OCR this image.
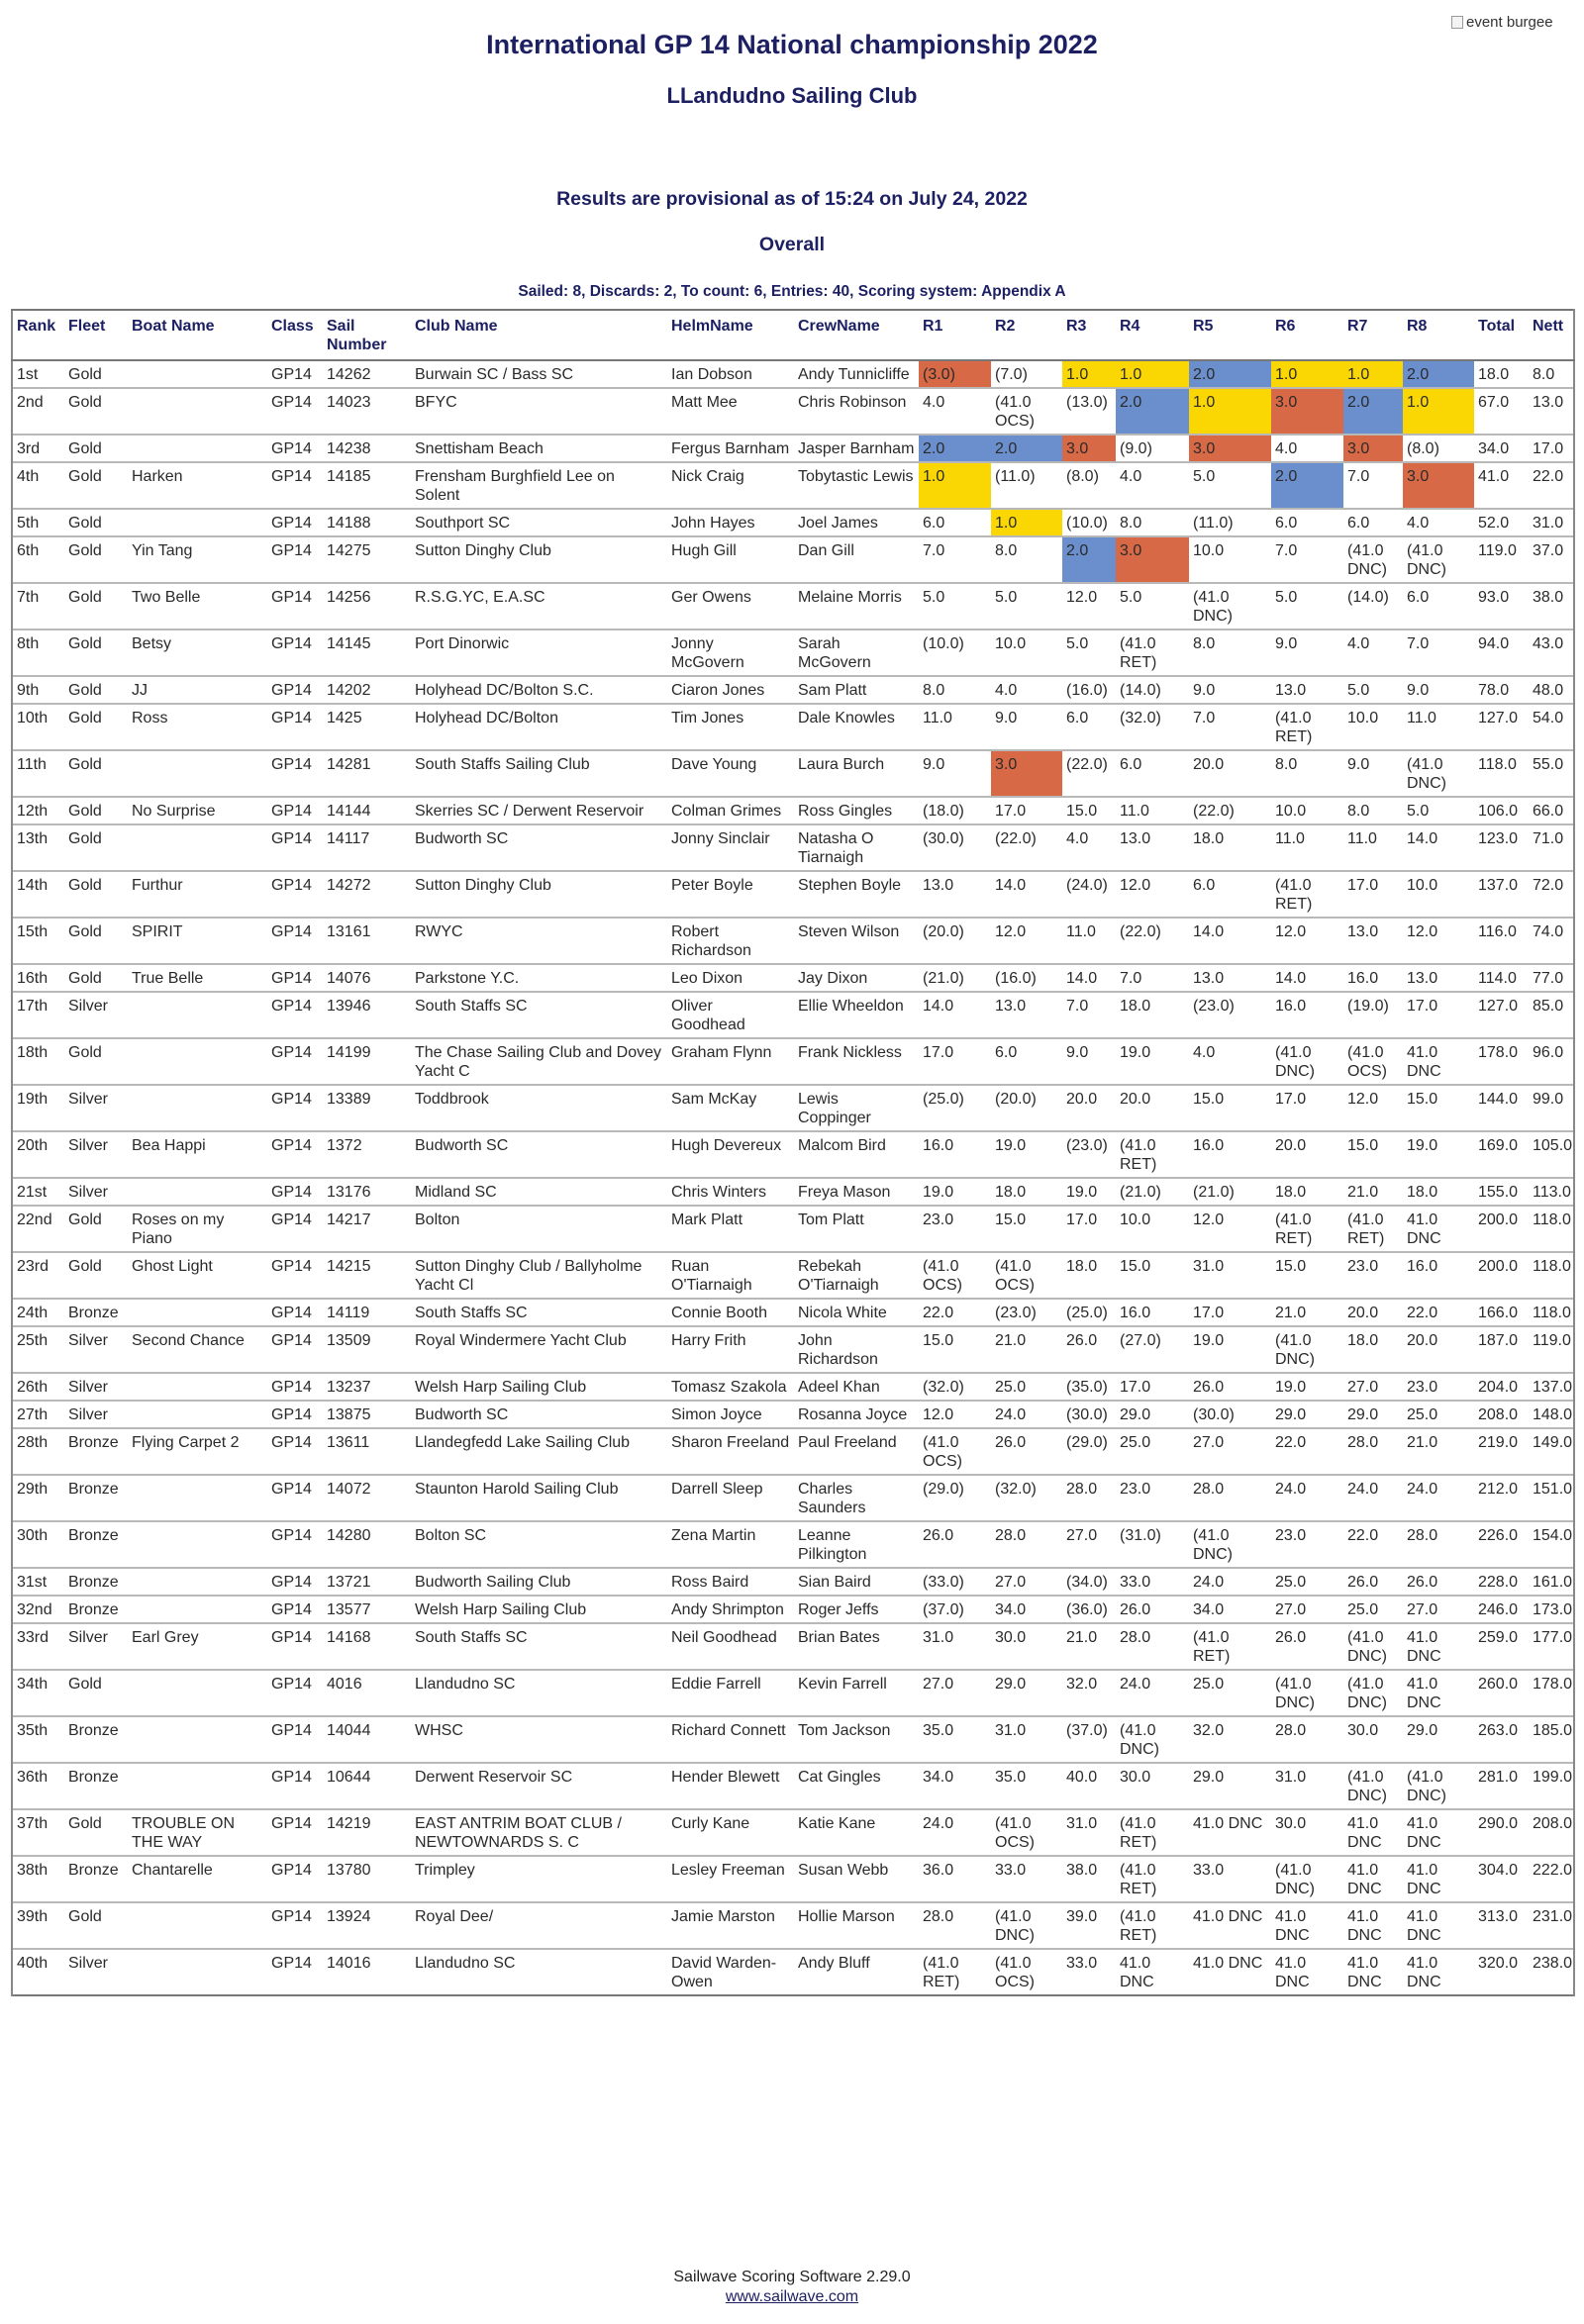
event burgee
International GP 14 National championship 2022
LLandudno Sailing Club
Results are provisional as of 15:24 on July 24, 2022
Overall
Sailed: 8, Discards: 2, To count: 6, Entries: 40, Scoring system: Appendix A
Rank	Fleet	Boat Name	Class	Sail Number	Club Name	HelmName	CrewName	R1	R2	R3	R4	R5	R6	R7	R8	Total	Nett
1st	Gold		GP14	14262	Burwain SC / Bass SC	Ian Dobson	Andy Tunnicliffe	(3.0)	(7.0)	1.0	1.0	2.0	1.0	1.0	2.0	18.0	8.0
2nd	Gold		GP14	14023	BFYC	Matt Mee	Chris Robinson	4.0	(41.0 OCS)	(13.0)	2.0	1.0	3.0	2.0	1.0	67.0	13.0
3rd	Gold		GP14	14238	Snettisham Beach	Fergus Barnham	Jasper Barnham	2.0	2.0	3.0	(9.0)	3.0	4.0	3.0	(8.0)	34.0	17.0
4th	Gold	Harken	GP14	14185	Frensham Burghfield Lee on Solent	Nick Craig	Tobytastic Lewis	1.0	(11.0)	(8.0)	4.0	5.0	2.0	7.0	3.0	41.0	22.0
5th	Gold		GP14	14188	Southport SC	John Hayes	Joel James	6.0	1.0	(10.0)	8.0	(11.0)	6.0	6.0	4.0	52.0	31.0
6th	Gold	Yin Tang	GP14	14275	Sutton Dinghy Club	Hugh Gill	Dan Gill	7.0	8.0	2.0	3.0	10.0	7.0	(41.0 DNC)	(41.0 DNC)	119.0	37.0
7th	Gold	Two Belle	GP14	14256	R.S.G.YC, E.A.SC	Ger Owens	Melaine Morris	5.0	5.0	12.0	5.0	(41.0 DNC)	5.0	(14.0)	6.0	93.0	38.0
8th	Gold	Betsy	GP14	14145	Port Dinorwic	Jonny McGovern	Sarah McGovern	(10.0)	10.0	5.0	(41.0 RET)	8.0	9.0	4.0	7.0	94.0	43.0
9th	Gold	JJ	GP14	14202	Holyhead DC/Bolton S.C.	Ciaron Jones	Sam Platt	8.0	4.0	(16.0)	(14.0)	9.0	13.0	5.0	9.0	78.0	48.0
10th	Gold	Ross	GP14	1425	Holyhead DC/Bolton	Tim Jones	Dale Knowles	11.0	9.0	6.0	(32.0)	7.0	(41.0 RET)	10.0	11.0	127.0	54.0
11th	Gold		GP14	14281	South Staffs Sailing Club	Dave Young	Laura Burch	9.0	3.0	(22.0)	6.0	20.0	8.0	9.0	(41.0 DNC)	118.0	55.0
12th	Gold	No Surprise	GP14	14144	Skerries SC / Derwent Reservoir	Colman Grimes	Ross Gingles	(18.0)	17.0	15.0	11.0	(22.0)	10.0	8.0	5.0	106.0	66.0
13th	Gold		GP14	14117	Budworth SC	Jonny Sinclair	Natasha O Tiarnaigh	(30.0)	(22.0)	4.0	13.0	18.0	11.0	11.0	14.0	123.0	71.0
14th	Gold	Furthur	GP14	14272	Sutton Dinghy Club	Peter Boyle	Stephen Boyle	13.0	14.0	(24.0)	12.0	6.0	(41.0 RET)	17.0	10.0	137.0	72.0
15th	Gold	SPIRIT	GP14	13161	RWYC	Robert Richardson	Steven Wilson	(20.0)	12.0	11.0	(22.0)	14.0	12.0	13.0	12.0	116.0	74.0
16th	Gold	True Belle	GP14	14076	Parkstone Y.C.	Leo Dixon	Jay Dixon	(21.0)	(16.0)	14.0	7.0	13.0	14.0	16.0	13.0	114.0	77.0
17th	Silver		GP14	13946	South Staffs SC	Oliver Goodhead	Ellie Wheeldon	14.0	13.0	7.0	18.0	(23.0)	16.0	(19.0)	17.0	127.0	85.0
18th	Gold		GP14	14199	The Chase Sailing Club and Dovey Yacht C	Graham Flynn	Frank Nickless	17.0	6.0	9.0	19.0	4.0	(41.0 DNC)	(41.0 OCS)	41.0 DNC	178.0	96.0
19th	Silver		GP14	13389	Toddbrook	Sam McKay	Lewis Coppinger	(25.0)	(20.0)	20.0	20.0	15.0	17.0	12.0	15.0	144.0	99.0
20th	Silver	Bea Happi	GP14	1372	Budworth SC	Hugh Devereux	Malcom Bird	16.0	19.0	(23.0)	(41.0 RET)	16.0	20.0	15.0	19.0	169.0	105.0
21st	Silver		GP14	13176	Midland SC	Chris Winters	Freya Mason	19.0	18.0	19.0	(21.0)	(21.0)	18.0	21.0	18.0	155.0	113.0
22nd	Gold	Roses on my Piano	GP14	14217	Bolton	Mark Platt	Tom Platt	23.0	15.0	17.0	10.0	12.0	(41.0 RET)	(41.0 RET)	41.0 DNC	200.0	118.0
23rd	Gold	Ghost Light	GP14	14215	Sutton Dinghy Club / Ballyholme Yacht Cl	Ruan O'Tiarnaigh	Rebekah O'Tiarnaigh	(41.0 OCS)	(41.0 OCS)	18.0	15.0	31.0	15.0	23.0	16.0	200.0	118.0
24th	Bronze		GP14	14119	South Staffs SC	Connie Booth	Nicola White	22.0	(23.0)	(25.0)	16.0	17.0	21.0	20.0	22.0	166.0	118.0
25th	Silver	Second Chance	GP14	13509	Royal Windermere Yacht Club	Harry Frith	John Richardson	15.0	21.0	26.0	(27.0)	19.0	(41.0 DNC)	18.0	20.0	187.0	119.0
26th	Silver		GP14	13237	Welsh Harp Sailing Club	Tomasz Szakola	Adeel Khan	(32.0)	25.0	(35.0)	17.0	26.0	19.0	27.0	23.0	204.0	137.0
27th	Silver		GP14	13875	Budworth SC	Simon Joyce	Rosanna Joyce	12.0	24.0	(30.0)	29.0	(30.0)	29.0	29.0	25.0	208.0	148.0
28th	Bronze	Flying Carpet 2	GP14	13611	Llandegfedd Lake Sailing Club	Sharon Freeland	Paul Freeland	(41.0 OCS)	26.0	(29.0)	25.0	27.0	22.0	28.0	21.0	219.0	149.0
29th	Bronze		GP14	14072	Staunton Harold Sailing Club	Darrell Sleep	Charles Saunders	(29.0)	(32.0)	28.0	23.0	28.0	24.0	24.0	24.0	212.0	151.0
30th	Bronze		GP14	14280	Bolton SC	Zena Martin	Leanne Pilkington	26.0	28.0	27.0	(31.0)	(41.0 DNC)	23.0	22.0	28.0	226.0	154.0
31st	Bronze		GP14	13721	Budworth Sailing Club	Ross Baird	Sian Baird	(33.0)	27.0	(34.0)	33.0	24.0	25.0	26.0	26.0	228.0	161.0
32nd	Bronze		GP14	13577	Welsh Harp Sailing Club	Andy Shrimpton	Roger Jeffs	(37.0)	34.0	(36.0)	26.0	34.0	27.0	25.0	27.0	246.0	173.0
33rd	Silver	Earl Grey	GP14	14168	South Staffs SC	Neil Goodhead	Brian Bates	31.0	30.0	21.0	28.0	(41.0 RET)	26.0	(41.0 DNC)	41.0 DNC	259.0	177.0
34th	Gold		GP14	4016	Llandudno SC	Eddie Farrell	Kevin Farrell	27.0	29.0	32.0	24.0	25.0	(41.0 DNC)	(41.0 DNC)	41.0 DNC	260.0	178.0
35th	Bronze		GP14	14044	WHSC	Richard Connett	Tom Jackson	35.0	31.0	(37.0)	(41.0 DNC)	32.0	28.0	30.0	29.0	263.0	185.0
36th	Bronze		GP14	10644	Derwent Reservoir SC	Hender Blewett	Cat Gingles	34.0	35.0	40.0	30.0	29.0	31.0	(41.0 DNC)	(41.0 DNC)	281.0	199.0
37th	Gold	TROUBLE ON THE WAY	GP14	14219	EAST ANTRIM BOAT CLUB / NEWTOWNARDS S. C	Curly Kane	Katie Kane	24.0	(41.0 OCS)	31.0	(41.0 RET)	41.0 DNC	30.0	41.0 DNC	41.0 DNC	290.0	208.0
38th	Bronze	Chantarelle	GP14	13780	Trimpley	Lesley Freeman	Susan Webb	36.0	33.0	38.0	(41.0 RET)	33.0	(41.0 DNC)	41.0 DNC	41.0 DNC	304.0	222.0
39th	Gold		GP14	13924	Royal Dee/	Jamie Marston	Hollie Marson	28.0	(41.0 DNC)	39.0	(41.0 RET)	41.0 DNC	41.0 DNC	41.0 DNC	41.0 DNC	313.0	231.0
40th	Silver		GP14	14016	Llandudno SC	David Warden-Owen	Andy Bluff	(41.0 RET)	(41.0 OCS)	33.0	41.0 DNC	41.0 DNC	41.0 DNC	41.0 DNC	41.0 DNC	320.0	238.0
Sailwave Scoring Software 2.29.0
www.sailwave.com
